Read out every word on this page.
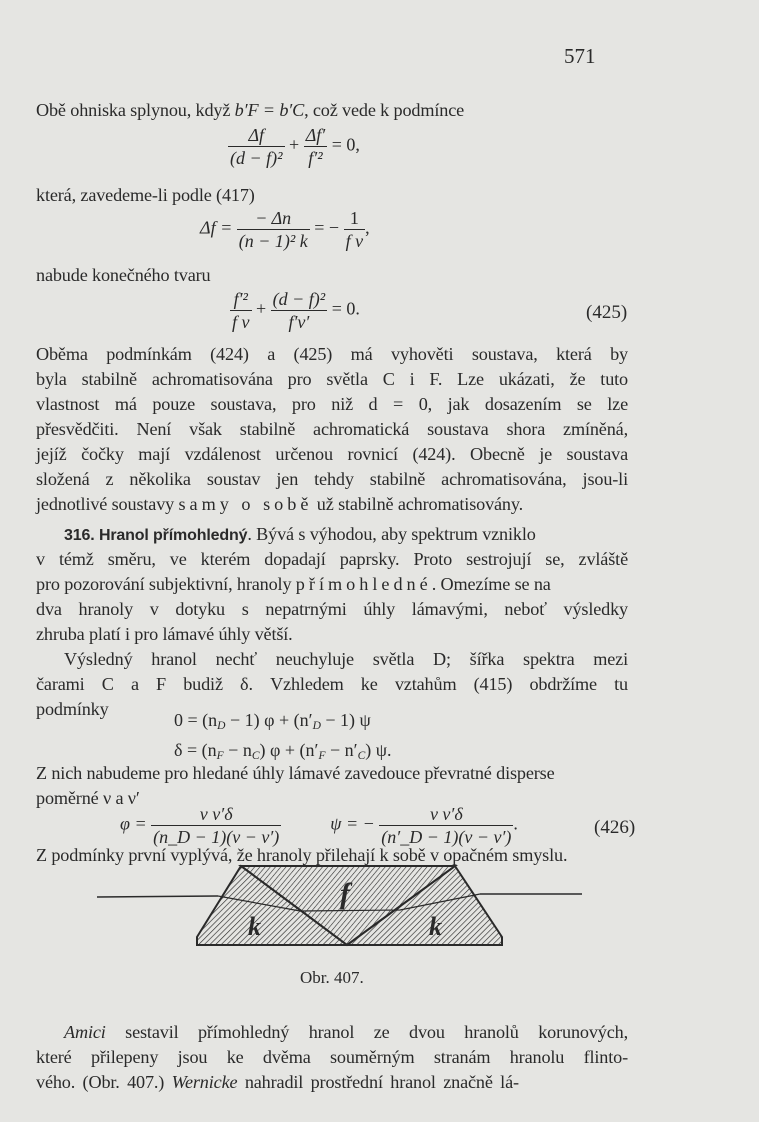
571
Obě ohniska splynou, když b′F = b′C, což vede k podmínce
$\frac{\Delta f}{\text{(d − f)²}} + \frac{\Delta f'}{\text{f′²}} = 0$,
která, zavedeme-li podle (417)
$\Delta f = \frac{- \Delta n}{\text{(n − 1)² k}}$ = − $\frac{1}{\text{f ν}}$ ,
nabude konečného tvaru
$\frac{\text{f′²}}{\text{f ν}} + \frac{\text{(d − f)²}}{f'\nu'} = 0$.	(425)
Oběma podmínkám (424) a (425) má vyhověti soustava, která by
byla stabilně achromatisována pro světla C i F. Lze ukázati, že tuto
vlastnost má pouze soustava, pro niž d = 0, jak dosazením se lze
přesvědčiti. Není však stabilně achromatická soustava shora zmíněná,
jejíž čočky mají vzdálenost určenou rovnicí (424). Obecně je soustava
složená z několika soustav jen tehdy stabilně achromatisována, jsou-li
jednotlivé soustavy samy o sobě už stabilně achromatisovány.
316. Hranol přímohledný. Bývá s výhodou, aby spektrum vzniklo
v témž směru, ve kterém dopadají paprsky. Proto sestrojují se, zvláště
pro pozorování subjektivní, hranoly přímohledné. Omezíme se na
dva hranoly v dotyku s nepatrnými úhly lámavými, neboť výsledky
zhruba platí i pro lámavé úhly větší.
Výsledný hranol nechť neuchyluje světla D; šířka spektra mezi
čarami C a F budiž δ. Vzhledem ke vztahům (415) obdržíme tu
podmínky
$0 = (n_D - 1) \varphi + (n'_D - 1)$ ψ
$\delta = (n_F - n_C) \varphi + (n'_F - n'_C)$ ψ.
Z nich nabudeme pro hledané úhly lámavé zavedouce převratné disperse
poměrné ν a ν′
$\varphi = \frac{\text{ν ν′δ}}{(n\_D - 1)(\nu - \nu')}$	ψ = − $\frac{\text{ν ν′δ}}{(n'\_D - 1)(\nu - \nu')}$ .	(426)
Z podmínky první vyplývá, že hranoly přilehají k sobě v opačném smyslu.
f
k	k
Obr. 407.
Amici sestavil přímohledný hranol ze dvou hranolů korunových,
které přilepeny jsou ke dvěma souměrným stranám hranolu flinto-
vého. (Obr. 407.) Wernicke nahradil prostřední hranol značně lá-
